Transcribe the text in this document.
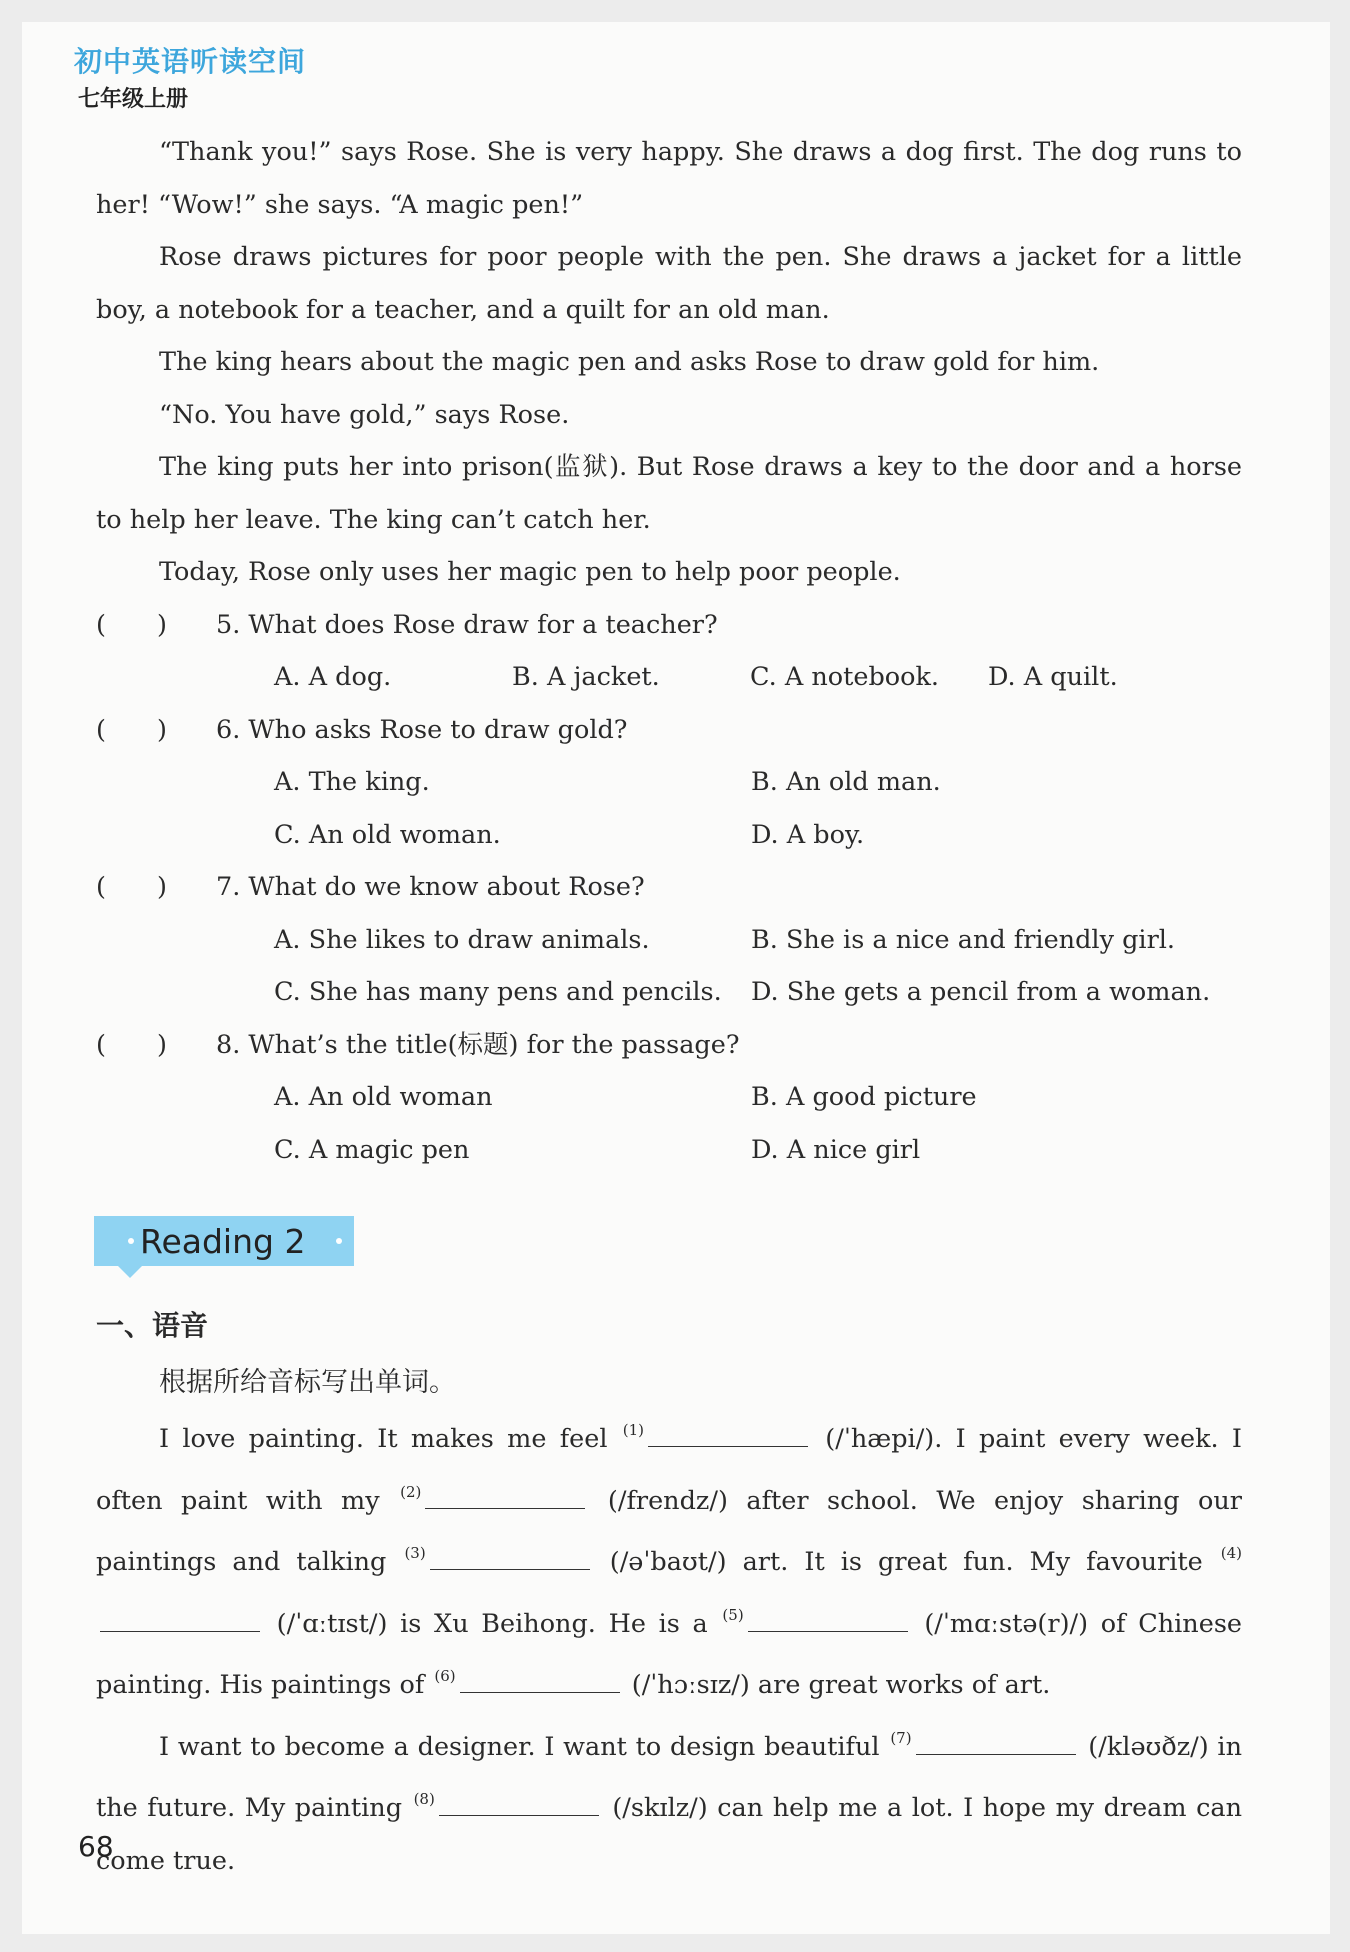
初中英语听读空间
七年级上册

“Thank you!” says Rose. She is very happy. She draws a dog first. The dog runs to her! “Wow!” she says. “A magic pen!”

Rose draws pictures for poor people with the pen. She draws a jacket for a little boy, a notebook for a teacher, and a quilt for an old man.

The king hears about the magic pen and asks Rose to draw gold for him.

“No. You have gold,” says Rose.

The king puts her into prison(监狱). But Rose draws a key to the door and a horse to help her leave. The king can’t catch her.

Today, Rose only uses her magic pen to help poor people.

(　　)	5. What does Rose draw for a teacher?
A. A dog.	B. A jacket.	C. A notebook.	D. A quilt.
(　　)	6. Who asks Rose to draw gold?
A. The king.	B. An old man.
C. An old woman.	D. A boy.
(　　)	7. What do we know about Rose?
A. She likes to draw animals.	B. She is a nice and friendly girl.
C. She has many pens and pencils.	D. She gets a pencil from a woman.
(　　)	8. What’s the title(标题) for the passage?
A. An old woman	B. A good picture
C. A magic pen	D. A nice girl
Reading 2
一、语音
根据所给音标写出单词。

I love painting. It makes me feel $^{(1)}$	(/ˈhæpi/). I paint every week. I often paint with my $^{(2)}$	(/frendz/) after school. We enjoy sharing our paintings and talking $^{(3)}$	(/əˈbaʊt/) art. It is great fun. My favourite $^{(4)}$ (/ˈɑːtɪst/) is Xu Beihong. He is a $^{(5)}$	(/ˈmɑːstə(r)/) of Chinese painting. His paintings of $^{(6)}$	(/ˈhɔːsɪz/) are great works of art.

I want to become a designer. I want to design beautiful $^{(7)}$	(/kləʊðz/) in the future. My painting $^{(8)}$	(/skɪlz/) can help me a lot. I hope my dream can come true.

68
